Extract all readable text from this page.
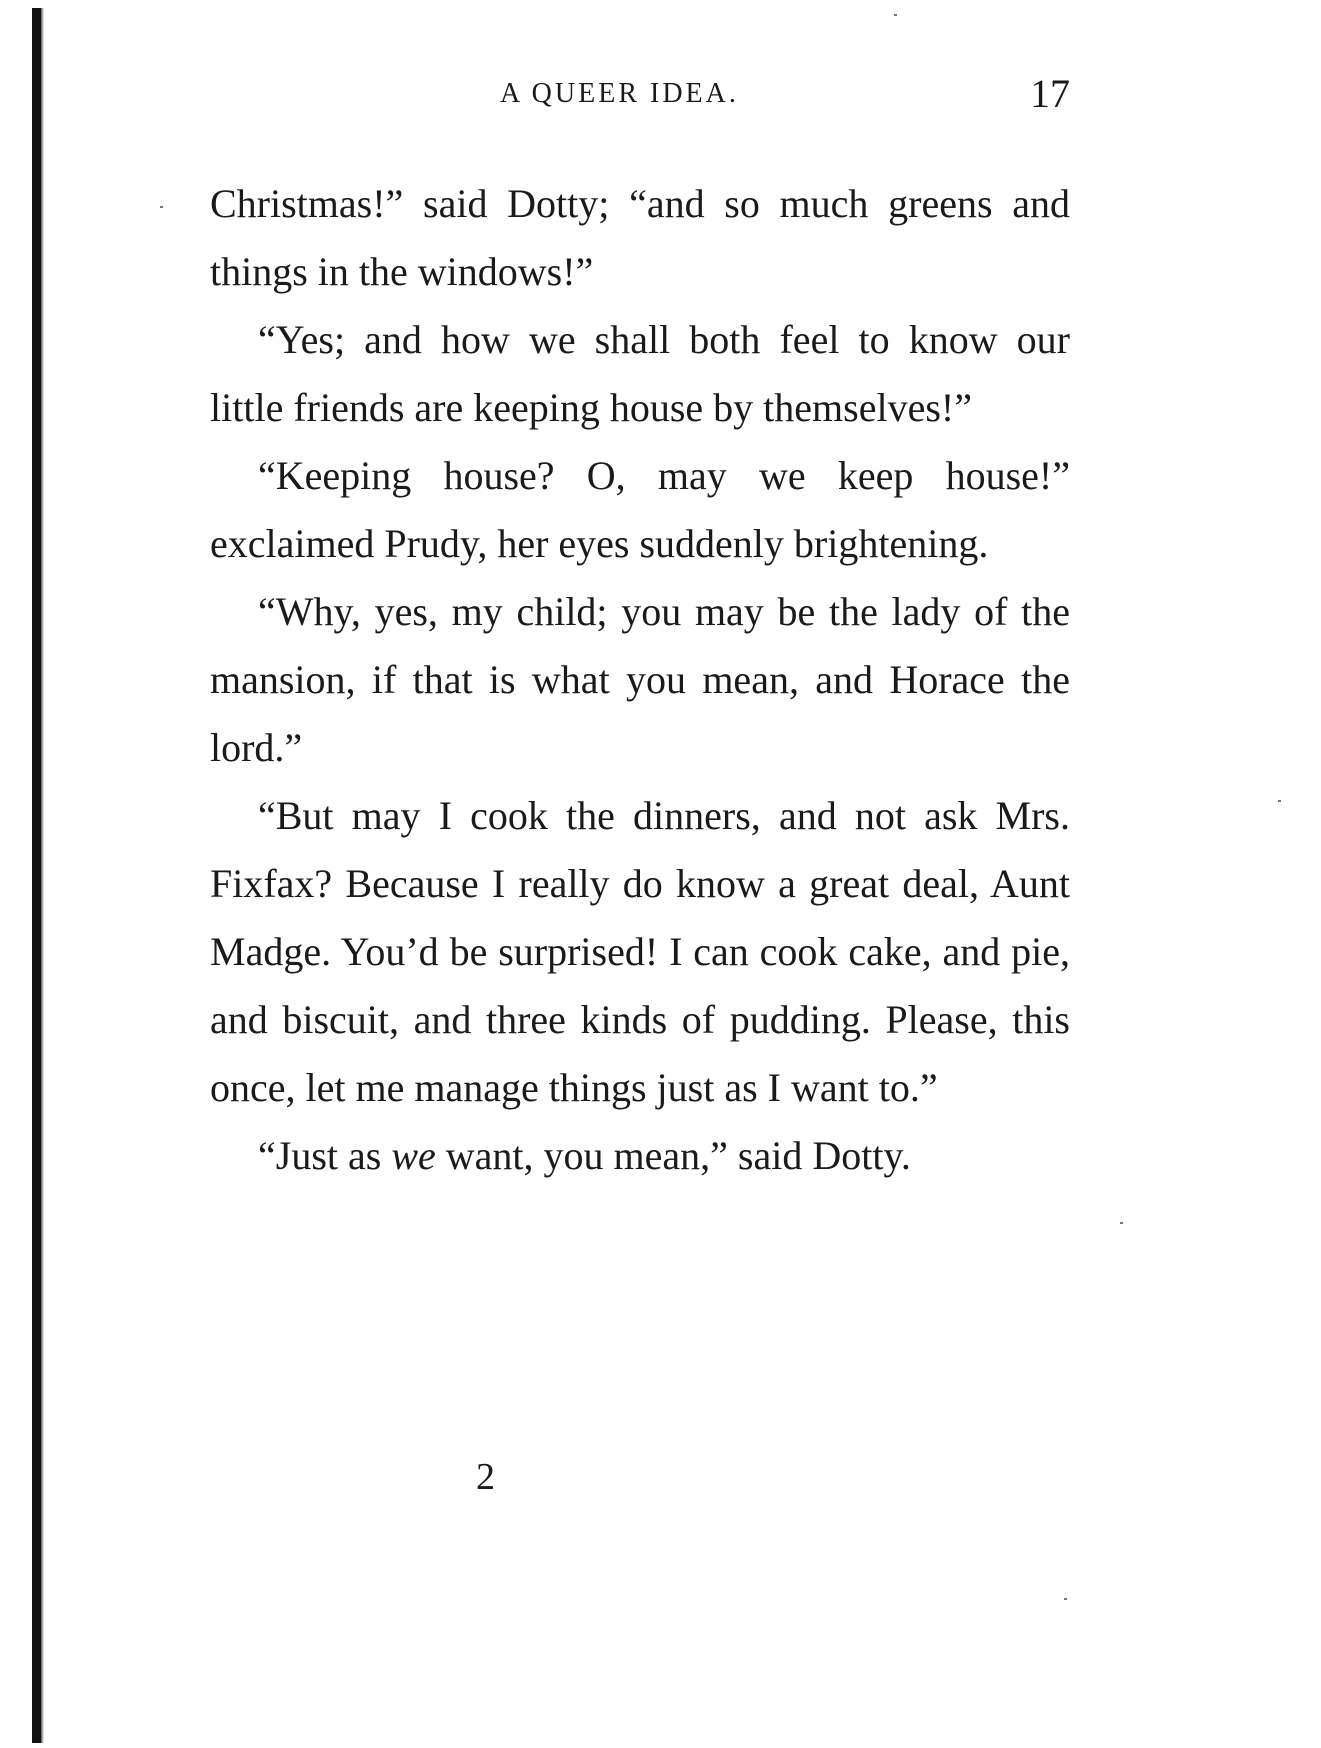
A QUEER IDEA.	17

Christmas!” said Dotty; “and so much greens and things in the windows!”

“Yes; and how we shall both feel to know our little friends are keeping house by themselves!”

“Keeping house? O, may we keep house!” exclaimed Prudy, her eyes suddenly brightening.

“Why, yes, my child; you may be the lady of the mansion, if that is what you mean, and Horace the lord.”

“But may I cook the dinners, and not ask Mrs. Fixfax? Because I really do know a great deal, Aunt Madge. You’d be surprised! I can cook cake, and pie, and biscuit, and three kinds of pudding. Please, this once, let me manage things just as I want to.”

“Just as we want, you mean,” said Dotty.

2
